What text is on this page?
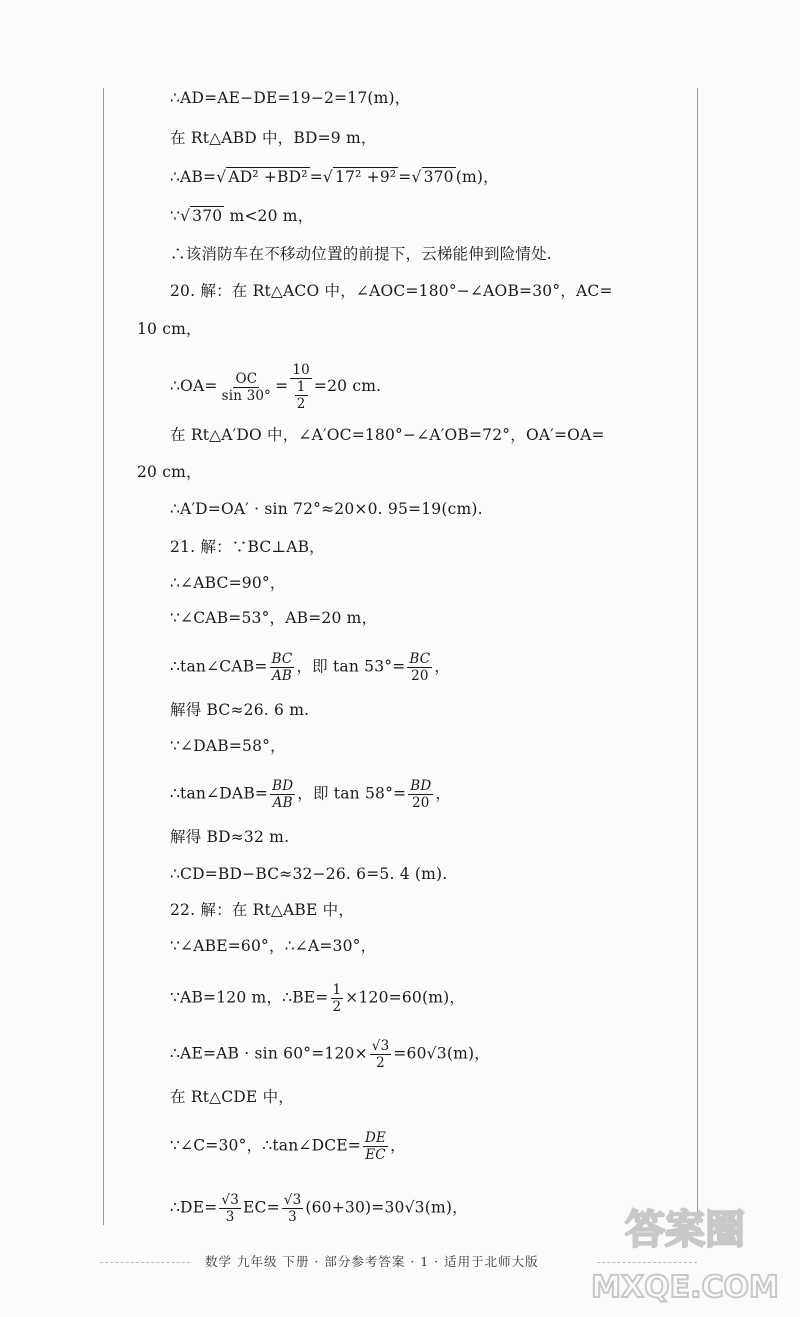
∴AD=AE−DE=19−2=17(m)，
在 Rt△ABD 中，BD=9 m，
∴AB=√ AD² +BD² =√ 17² +9² =√ 370 (m)，
∵√ 370 m<20 m，
∴该消防车在不移动位置的前提下，云梯能伸到险情处.
20. 解：在 Rt△ACO 中，∠AOC=180°−∠AOB=30°，AC=
10 cm，
∴OA= $\frac{OC}{\sin 30^\circ} = \frac{10}{\frac{1}{2}} =20$ cm.
在 Rt△A′DO 中，∠A′OC=180°−∠A′OB=72°，OA′=OA=
20 cm，
∴A′D=OA′ · sin 72°≈20×0. 95=19(cm).
21. 解：∵BC⊥AB，
∴∠ABC=90°，
∵∠CAB=53°，AB=20 m，
∴tan∠CAB= $\frac{BC}{AB}$ ，即 $\tan 53^\circ= \frac{BC}{20}$ ，
解得 BC≈26. 6 m.
∵∠DAB=58°，
∴tan∠DAB= $\frac{BD}{AB}$ ，即 $\tan 58^\circ= \frac{BD}{20}$ ，
解得 BD≈32 m.
∴CD=BD−BC≈32−26. 6=5. 4 (m).
22. 解：在 Rt△ABE 中，
∵∠ABE=60°，∴∠A=30°，
∵AB=120 m，∴BE= $\frac{1}{2} \times 120=60(m)$，
∴AE=AB · $\sin 60^\circ=120\times \frac{√3}{2} =60√3(m)$，
在 Rt△CDE 中，
∵∠C=30°，∴tan∠DCE= $\frac{DE}{EC}$ ，
∴DE= $\frac{√3}{3} EC= \frac{√3}{3} (60+30)=30√3(m)$，
数学 九年级 下册 · 部分参考答案 · 1 · 适用于北师大版
答案圈
MXQE.COM
